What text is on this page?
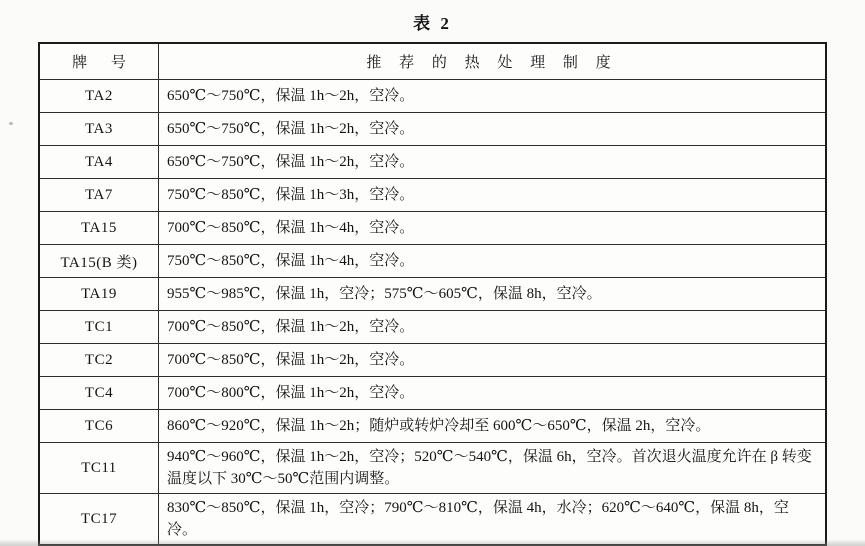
表 2
牌 号	推 荐 的 热 处 理 制 度
TA2	650℃～750℃，保温 1h～2h，空冷。
TA3	650℃～750℃，保温 1h～2h，空冷。
TA4	650℃～750℃，保温 1h～2h，空冷。
TA7	750℃～850℃，保温 1h～3h，空冷。
TA15	700℃～850℃，保温 1h～4h，空冷。
TA15(B 类)	750℃～850℃，保温 1h～4h，空冷。
TA19	955℃～985℃，保温 1h，空冷；575℃～605℃，保温 8h，空冷。
TC1	700℃～850℃，保温 1h～2h，空冷。
TC2	700℃～850℃，保温 1h～2h，空冷。
TC4	700℃～800℃，保温 1h～2h，空冷。
TC6	860℃～920℃，保温 1h～2h；随炉或转炉冷却至 600℃～650℃，保温 2h，空冷。
TC11	940℃～960℃，保温 1h～2h，空冷；520℃～540℃，保温 6h，空冷。首次退火温度允许在 β 转变温度以下 30℃～50℃范围内调整。
TC17	830℃～850℃，保温 1h，空冷；790℃～810℃，保温 4h，水冷；620℃～640℃，保温 8h，空冷。
